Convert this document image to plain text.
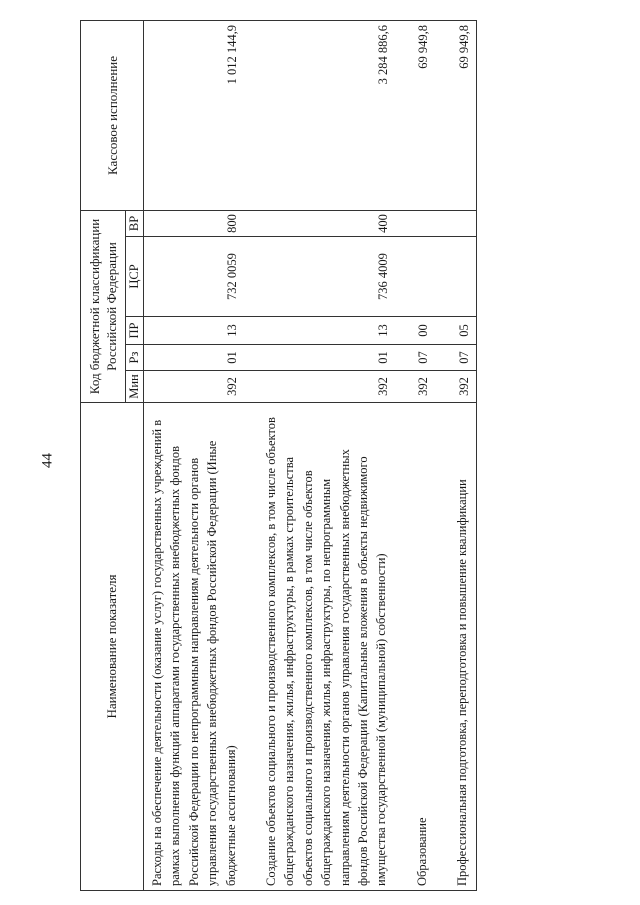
44
Наименование показателя	Код бюджетной классификации Российской Федерации					Кассовое исполнение
	Мин	Рз	ПР	ЦСР	ВР	
Расходы на обеспечение деятельности (оказание услуг) государственных учреждений в рамках выполнения функций аппаратами государственных внебюджетных фондов Российской Федерации по непрограммным направлениям деятельности органов управления государственных внебюджетных фондов Российской Федерации (Иные бюджетные ассигнования)	392	01	13	732 0059	800	1 012 144,9
Создание объектов социального и производственного комплексов, в том числе объектов общегражданского назначения, жилья, инфраструктуры, в рамках строительства объектов социального и производственного комплексов, в том числе объектов общегражданского назначения, жилья, инфраструктуры, по непрограммным направлениям деятельности органов управления государственных внебюджетных фондов Российской Федерации (Капитальные вложения в объекты недвижимого имущества государственной (муниципальной) собственности)	392	01	13	736 4009	400	3 284 886,6
Образование	392	07	00			69 949,8
Профессиональная подготовка, переподготовка и повышение квалификации	392	07	05			69 949,8
